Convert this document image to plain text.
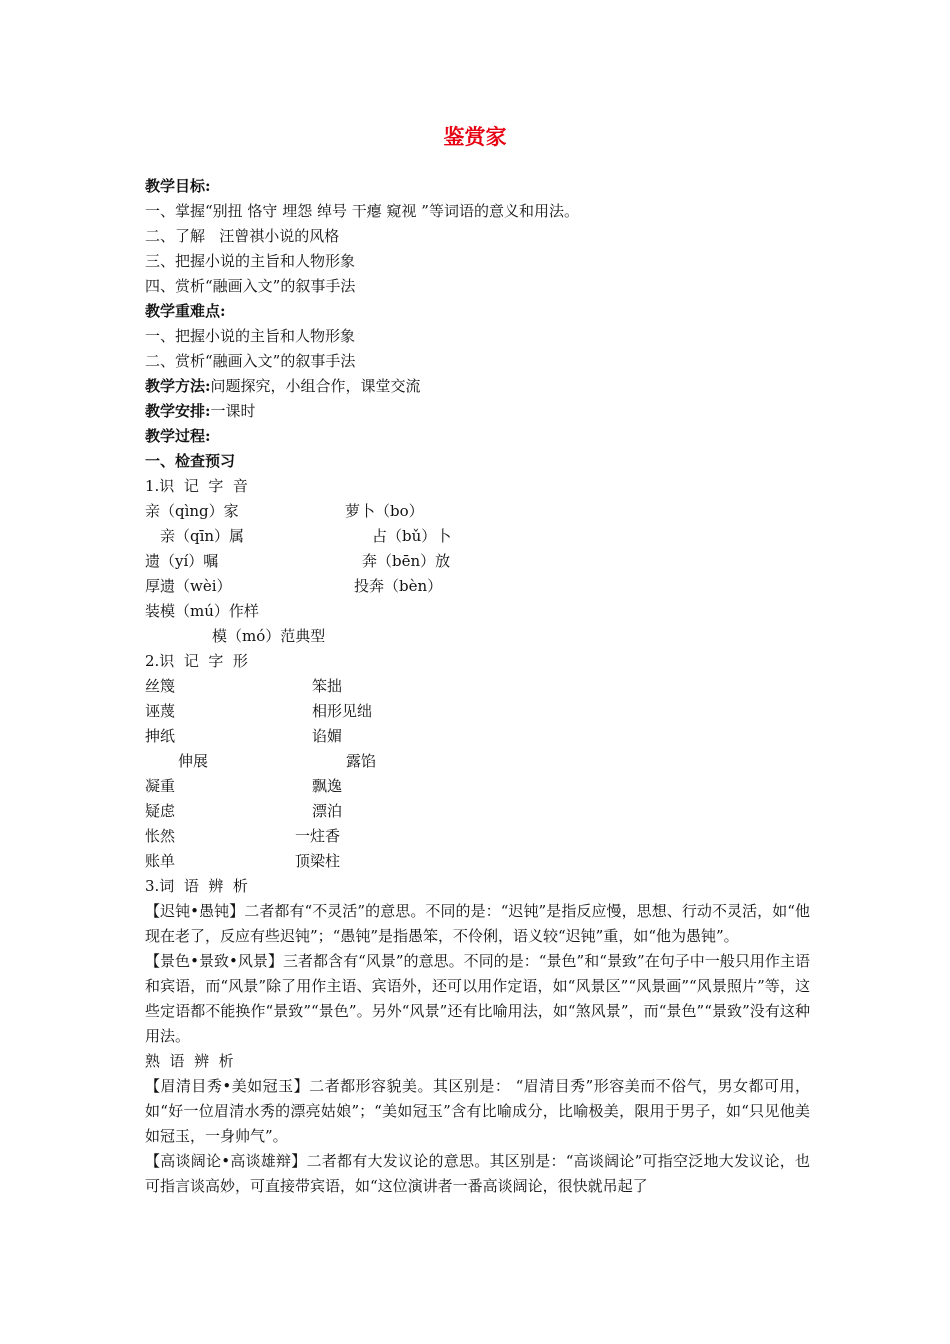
鉴赏家
教学目标:
一、掌握“别扭 恪守 埋怨 绰号 干瘪 窥视 ”等词语的意义和用法。
二、了解   汪曾祺小说的风格
三、把握小说的主旨和人物形象
四、赏析“融画入文”的叙事手法
教学重难点:
一、把握小说的主旨和人物形象
二、赏析“融画入文”的叙事手法
教学方法:问题探究，小组合作，课堂交流
教学安排:一课时
教学过程:
一、检查预习
1.识  记  字  音
亲（qìng）家	萝卜（bo）
亲（qīn）属	占（bǔ）卜
遗（yí）嘱	奔（bēn）放
厚遗（wèi）	投奔（bèn）
装模（mú）作样
模（mó）范典型
2.识  记  字  形
丝篾	笨拙
诬蔑	相形见绌
抻纸	谄媚
伸展	露馅
凝重	飘逸
疑虑	漂泊
怅然	一炷香
账单	顶梁柱
3.词  语  辨  析
【迟钝•愚钝】二者都有“不灵活”的意思。不同的是：“迟钝”是指反应慢，思想、行动不灵活，如“他现在老了，反应有些迟钝”；“愚钝”是指愚笨，不伶俐，语义较“迟钝”重，如“他为愚钝”。
【景色•景致•风景】三者都含有“风景”的意思。不同的是：“景色”和“景致”在句子中一般只用作主语和宾语，而“风景”除了用作主语、宾语外，还可以用作定语，如“风景区”“风景画”“风景照片”等，这些定语都不能换作“景致”“景色”。另外“风景”还有比喻用法，如“煞风景”，而“景色”“景致”没有这种用法。
熟  语  辨  析
【眉清目秀•美如冠玉】二者都形容貌美。其区别是： “眉清目秀”形容美而不俗气，男女都可用，如“好一位眉清水秀的漂亮姑娘”；“美如冠玉”含有比喻成分，比喻极美，限用于男子，如“只见他美如冠玉，一身帅气”。
【高谈阔论•高谈雄辩】二者都有大发议论的意思。其区别是：“高谈阔论”可指空泛地大发议论，也可指言谈高妙，可直接带宾语，如“这位演讲者一番高谈阔论，很快就吊起了
